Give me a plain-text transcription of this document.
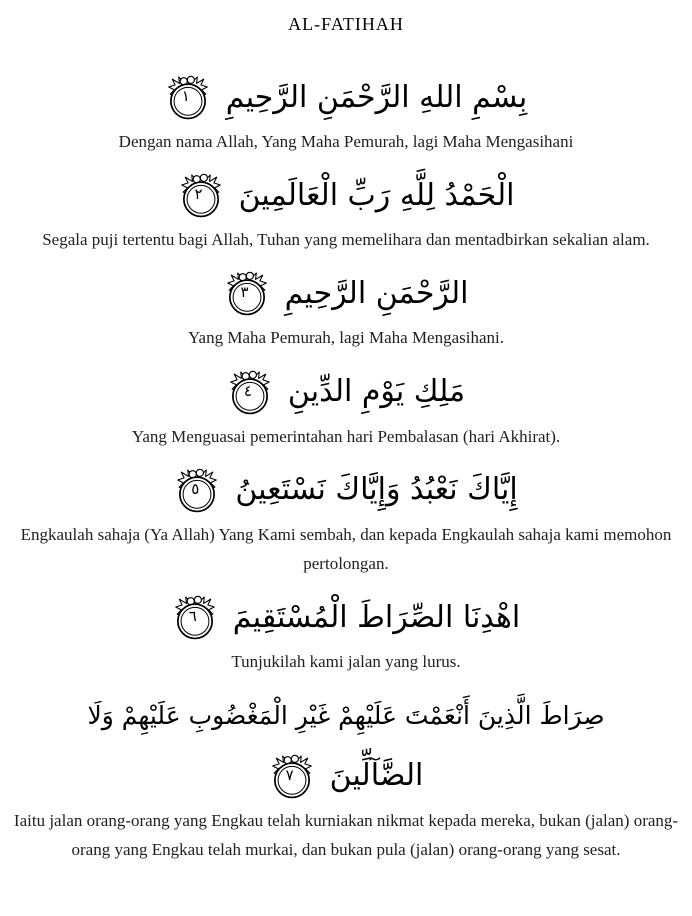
AL-FATIHAH
بِسْمِ اللهِ الرَّحْمَنِ الرَّحِيمِ
١

Dengan nama Allah, Yang Maha Pemurah, lagi Maha Mengasihani

الْحَمْدُ لِلَّهِ رَبِّ الْعَالَمِينَ
٢

Segala puji tertentu bagi Allah, Tuhan yang memelihara dan mentadbirkan sekalian alam.

الرَّحْمَنِ الرَّحِيمِ
٣

Yang Maha Pemurah, lagi Maha Mengasihani.

مَلِكِ يَوْمِ الدِّينِ
٤

Yang Menguasai pemerintahan hari Pembalasan (hari Akhirat).

إِيَّاكَ نَعْبُدُ وَإِيَّاكَ نَسْتَعِينُ
٥

Engkaulah sahaja (Ya Allah) Yang Kami sembah, dan kepada Engkaulah sahaja kami memohon pertolongan.

اهْدِنَا الصِّرَاطَ الْمُسْتَقِيمَ
٦

Tunjukilah kami jalan yang lurus.

صِرَاطَ الَّذِينَ أَنْعَمْتَ عَلَيْهِمْ غَيْرِ الْمَغْضُوبِ عَلَيْهِمْ وَلَا
الضَّآلِّينَ
٧

Iaitu jalan orang-orang yang Engkau telah kurniakan nikmat kepada mereka, bukan (jalan) orang-orang yang Engkau telah murkai, dan bukan pula (jalan) orang-orang yang sesat.
